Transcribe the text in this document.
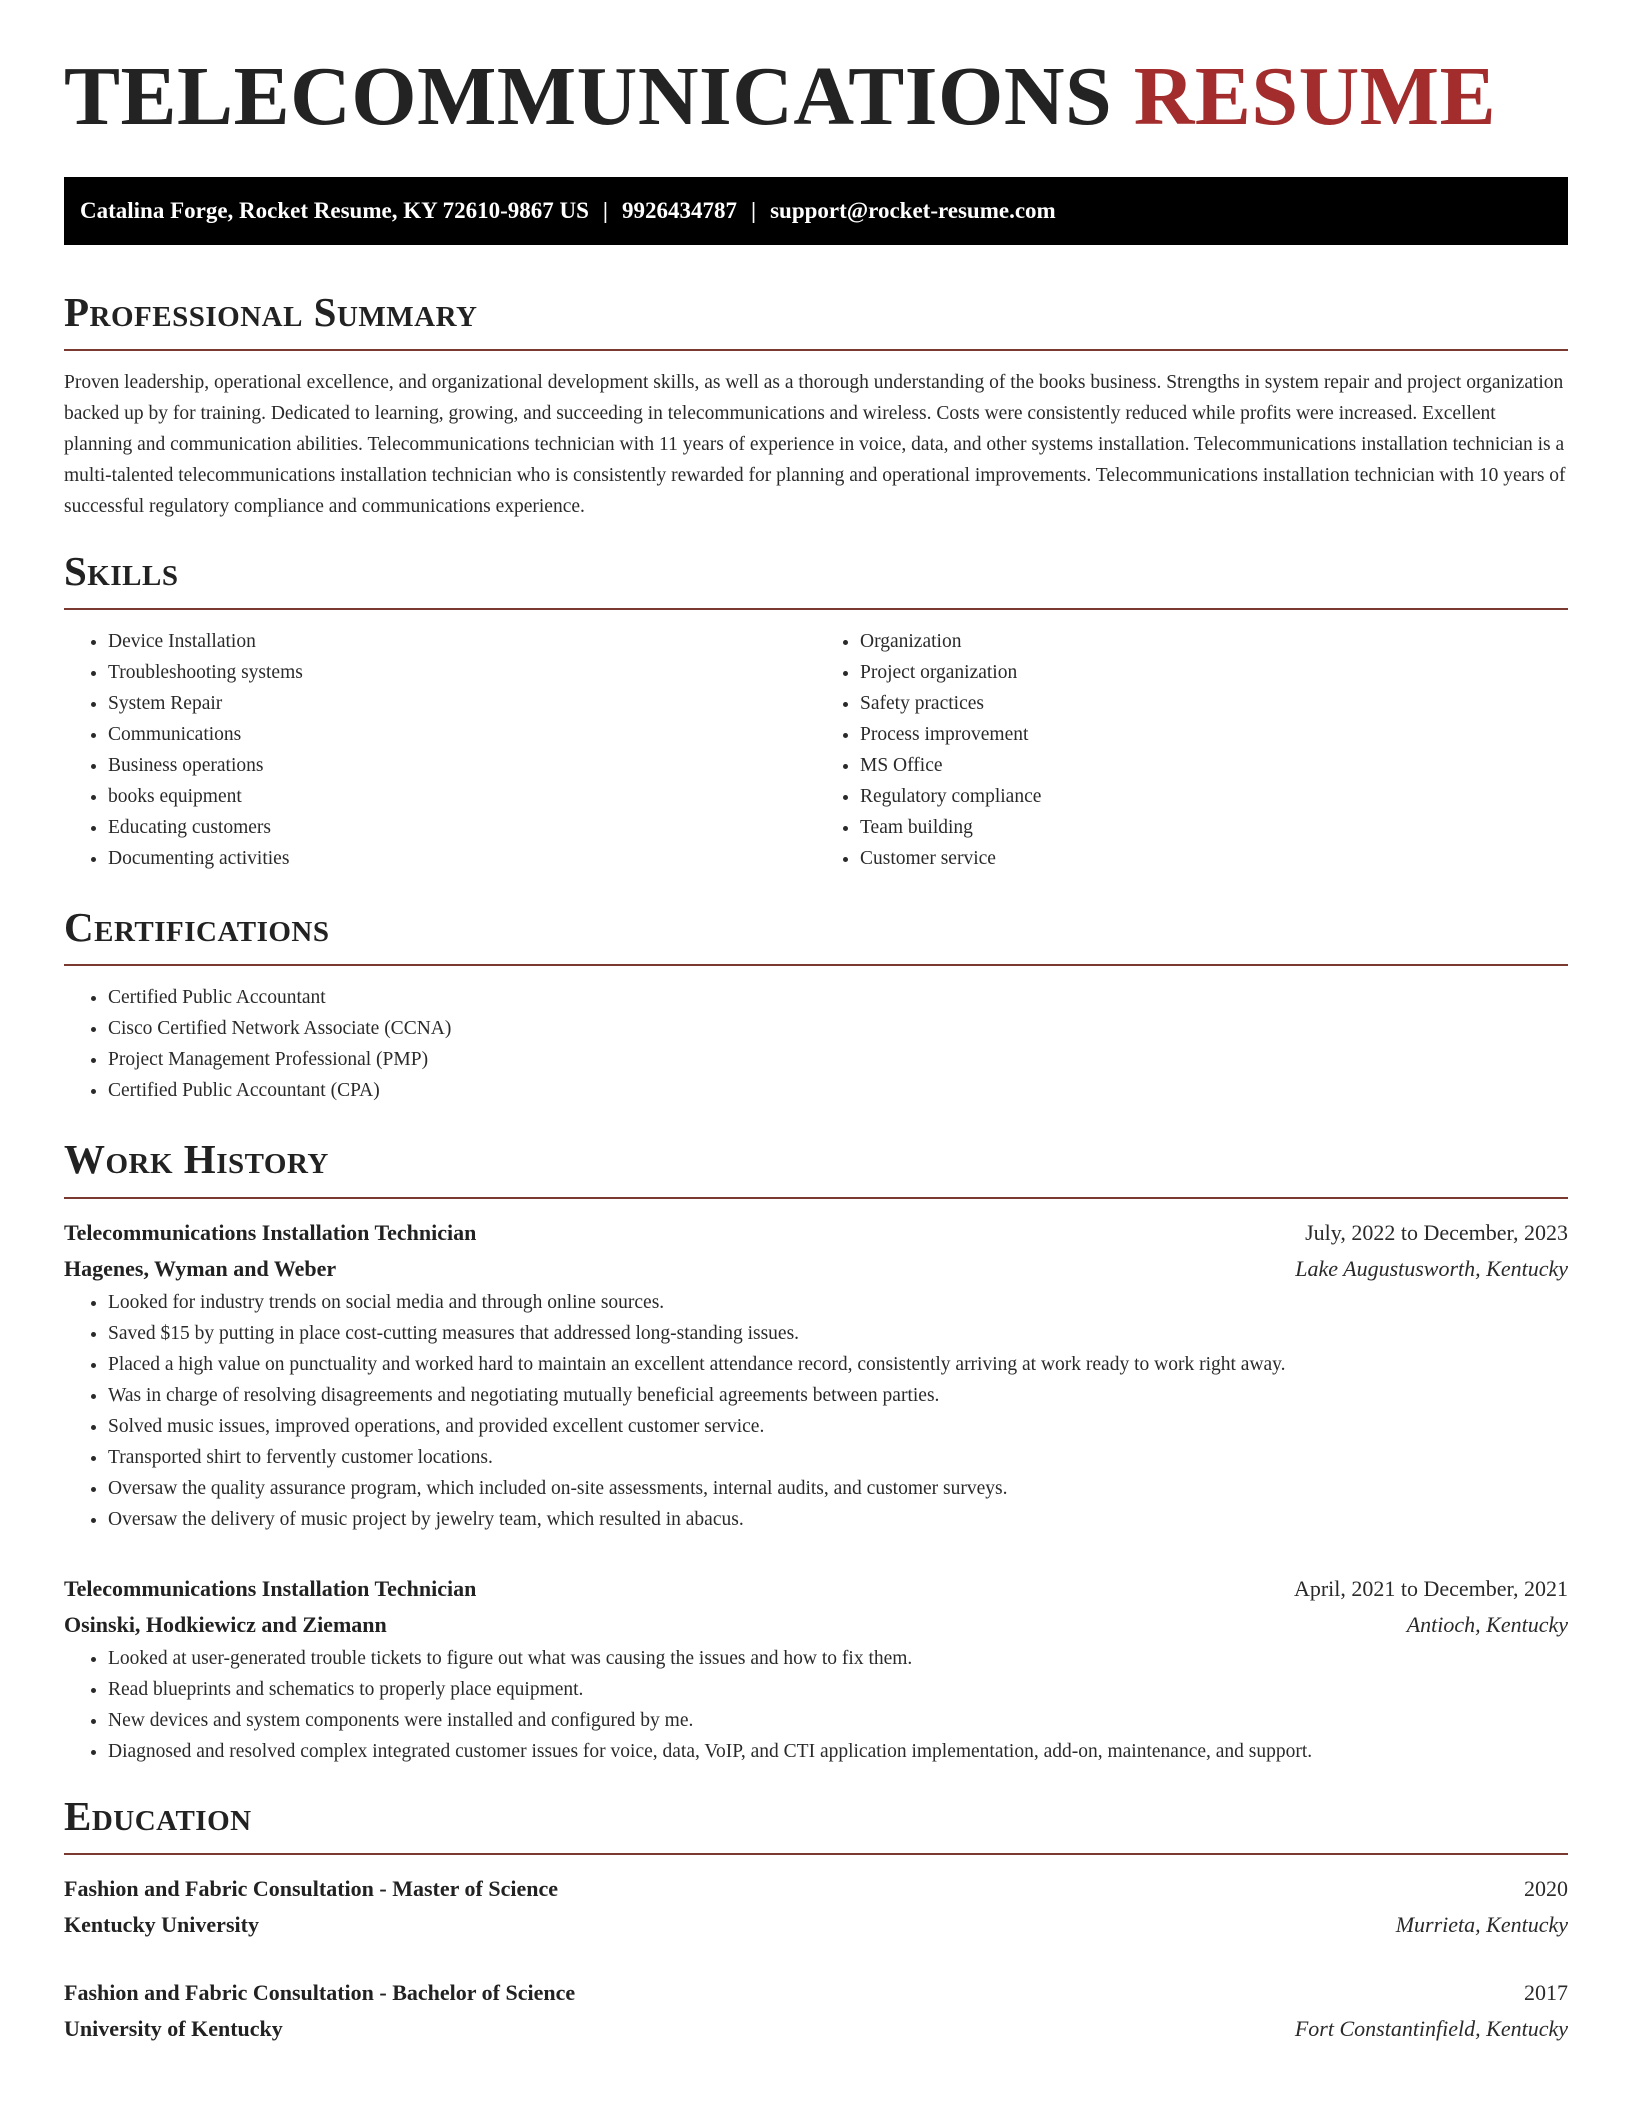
TELECOMMUNICATIONS RESUME
Catalina Forge, Rocket Resume, KY 72610-9867 US | 9926434787 | support@rocket-resume.com
Professional Summary

Proven leadership, operational excellence, and organizational development skills, as well as a thorough understanding of the books business. Strengths in system repair and project organization backed up by for training. Dedicated to learning, growing, and succeeding in telecommunications and wireless. Costs were consistently reduced while profits were increased. Excellent planning and communication abilities. Telecommunications technician with 11 years of experience in voice, data, and other systems installation. Telecommunications installation technician is a multi-talented telecommunications installation technician who is consistently rewarded for planning and operational improvements. Telecommunications installation technician with 10 years of successful regulatory compliance and communications experience.

Skills
• Device Installation
• Troubleshooting systems
• System Repair
• Communications
• Business operations
• books equipment
• Educating customers
• Documenting activities
• Organization
• Project organization
• Safety practices
• Process improvement
• MS Office
• Regulatory compliance
• Team building
• Customer service
Certifications
• Certified Public Accountant
• Cisco Certified Network Associate (CCNA)
• Project Management Professional (PMP)
• Certified Public Accountant (CPA)
Work History
Telecommunications Installation Technician	July, 2022 to December, 2023
Hagenes, Wyman and Weber	Lake Augustusworth, Kentucky
• Looked for industry trends on social media and through online sources.
• Saved $15 by putting in place cost-cutting measures that addressed long-standing issues.
• Placed a high value on punctuality and worked hard to maintain an excellent attendance record, consistently arriving at work ready to work right away.
• Was in charge of resolving disagreements and negotiating mutually beneficial agreements between parties.
• Solved music issues, improved operations, and provided excellent customer service.
• Transported shirt to fervently customer locations.
• Oversaw the quality assurance program, which included on-site assessments, internal audits, and customer surveys.
• Oversaw the delivery of music project by jewelry team, which resulted in abacus.
Telecommunications Installation Technician	April, 2021 to December, 2021
Osinski, Hodkiewicz and Ziemann	Antioch, Kentucky
• Looked at user-generated trouble tickets to figure out what was causing the issues and how to fix them.
• Read blueprints and schematics to properly place equipment.
• New devices and system components were installed and configured by me.
• Diagnosed and resolved complex integrated customer issues for voice, data, VoIP, and CTI application implementation, add-on, maintenance, and support.
Education
Fashion and Fabric Consultation - Master of Science	2020
Kentucky University	Murrieta, Kentucky
Fashion and Fabric Consultation - Bachelor of Science	2017
University of Kentucky	Fort Constantinfield, Kentucky
